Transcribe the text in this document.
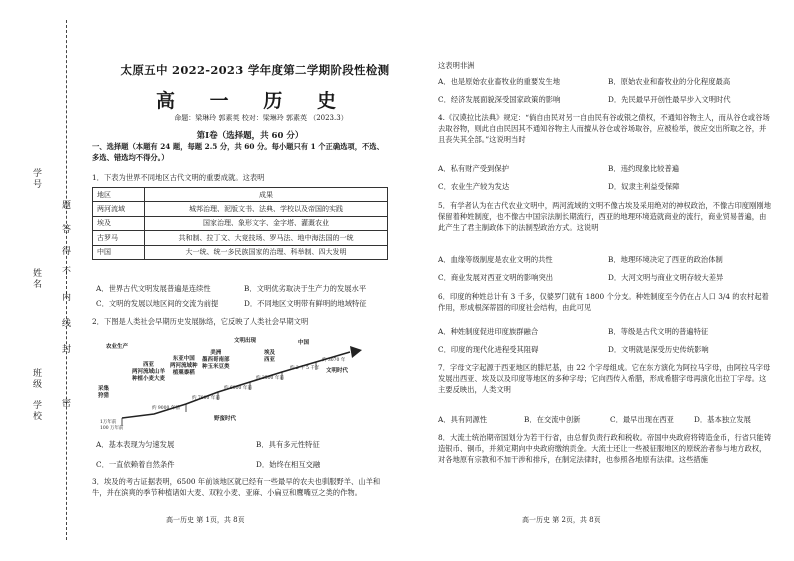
学号
姓名
学校
班级
题
答
得
不
内
线
封
密
太原五中 2022-2023 学年度第二学期阶段性检测
高 一 历 史
命题：梁琳玲 郭素英 校对：梁琳玲 郭素英 （2023.3）
第Ⅰ卷（选择题，共 60 分）
一、选择题（本题有 24 题，每题 2.5 分，共 60 分。每小题只有 1 个正确选项，不选、多选、错选均不得分。）
1．下表为世界不同地区古代文明的重要成就。这表明
地区	成果
两河流域	城邦治理、泥版文书、法典、学校以及帝国的实践
埃及	国家治理、象形文字、金字塔、灌溉农业
古罗马	共和制、拉丁文、大竞技场、罗马法、地中海法国的一统
中国	大一统、统一多民族国家的治理、科举制、四大发明
A．世界古代文明发展普遍是连续性	B．文明优劣取决于生产力的发展水平
C．文明的发展以地区间的交流为前提	D．不同地区文明带有鲜明的地域特征
2．下图是人类社会早期历史发展脉络，它反映了人类社会早期文明
农业生产
采集
狩猎
西亚
两河流域山羊
种植小麦大麦
东亚中国
两河流域种
植粟黍稻
美洲
墨西哥南部
种玉米豆类
文明出现
埃及
西亚
中国
文明时代
野蛮时代
1万年前
100 万年前
约 9000 年前
约 7000 年前
约 6000 年前
约 3500 年前
约 2 千 5 千年
约 3070 年
A．基本表现为匀速发展	B．具有多元性特征
C．一直依赖着自然条件	D．始终在相互交融
3．埃及的考古证据表明，6500 年前该地区就已经有一些最早的农夫也驯服野羊、山羊和牛，并在滨爽的季节种植诸如大麦、双粒小麦、亚麻、小扁豆和鹰嘴豆之类的作物。
高一历史 第 1页，共 8页
这表明非洲
A．也是原始农业畜牧业的重要发生地	B．原始农业和畜牧业的分化程度最高
C．经济发展面貌深受国家政策的影响	D．先民最早开创性最早步入文明时代
4.《汉谟拉比法典》规定：“倘自由民对另一自由民有谷或银之债权，不通知谷物主人，而从谷仓或谷场去取谷物，则此自由民因其不通知谷物主人而擅从谷仓或谷场取谷，应被检举，彼应交出所取之谷，并且丧失其全部。”这说明当时
A．私有财产受到保护	B．违约现象比较普遍
C．农业生产较为发达	D．奴隶主利益受保障
5．有学者认为在古代农业文明中，两河流域的文明不像古埃及采用绝对的神权政治，不像古印度刚刚地保留着种姓制度，也不像古中国宗法制长期流行，西亚的地理环境造就商业的流行，商业贸易普遍，由此产生了君主制政体下的法制型政治方式。这说明
A．血缘等级制度是农业文明的共性	B．地理环境决定了西亚的政治体制
C．商业发展对西亚文明的影响突出	D．大河文明与商业文明存较大差异
6．印度的种姓总计有 3 千多，仅婆罗门就有 1800 个分支。种姓制度至今仍在占人口 3/4 的农村起着作用，形成根深蒂固的印度社会结构，由此可见
A．种姓制度促进印度族群融合	B．等级是古代文明的普遍特征
C．印度的现代化进程受其阻碍	D．文明就是深受历史传统影响
7．字母文字起源于西亚地区的腓尼基，由 22 个字母组成。它在东方演化为阿拉马字母，由阿拉马字母发展出西亚、埃及以及印度等地区的多种字母；它向西传入希腊，形成希腊字母再演化出拉丁字母。这主要反映出，人类文明
A．具有同源性	B．在交流中创新	C．最早出现在西亚	D．基本独立发展
8．大流士统治期帝国划分为若干行省，由总督负责行政和税收。帝国中央政府将铸造金币，行省只能铸造银币、铜币，并须定期向中央政府缴纳贡金。大流士还让一些被征服地区的原统治者参与地方政权，对各地原有宗教和不加干涉和排斥，在制定法律时，也参照各地原有法律。这些措施
高一历史 第 2页，共 8页
